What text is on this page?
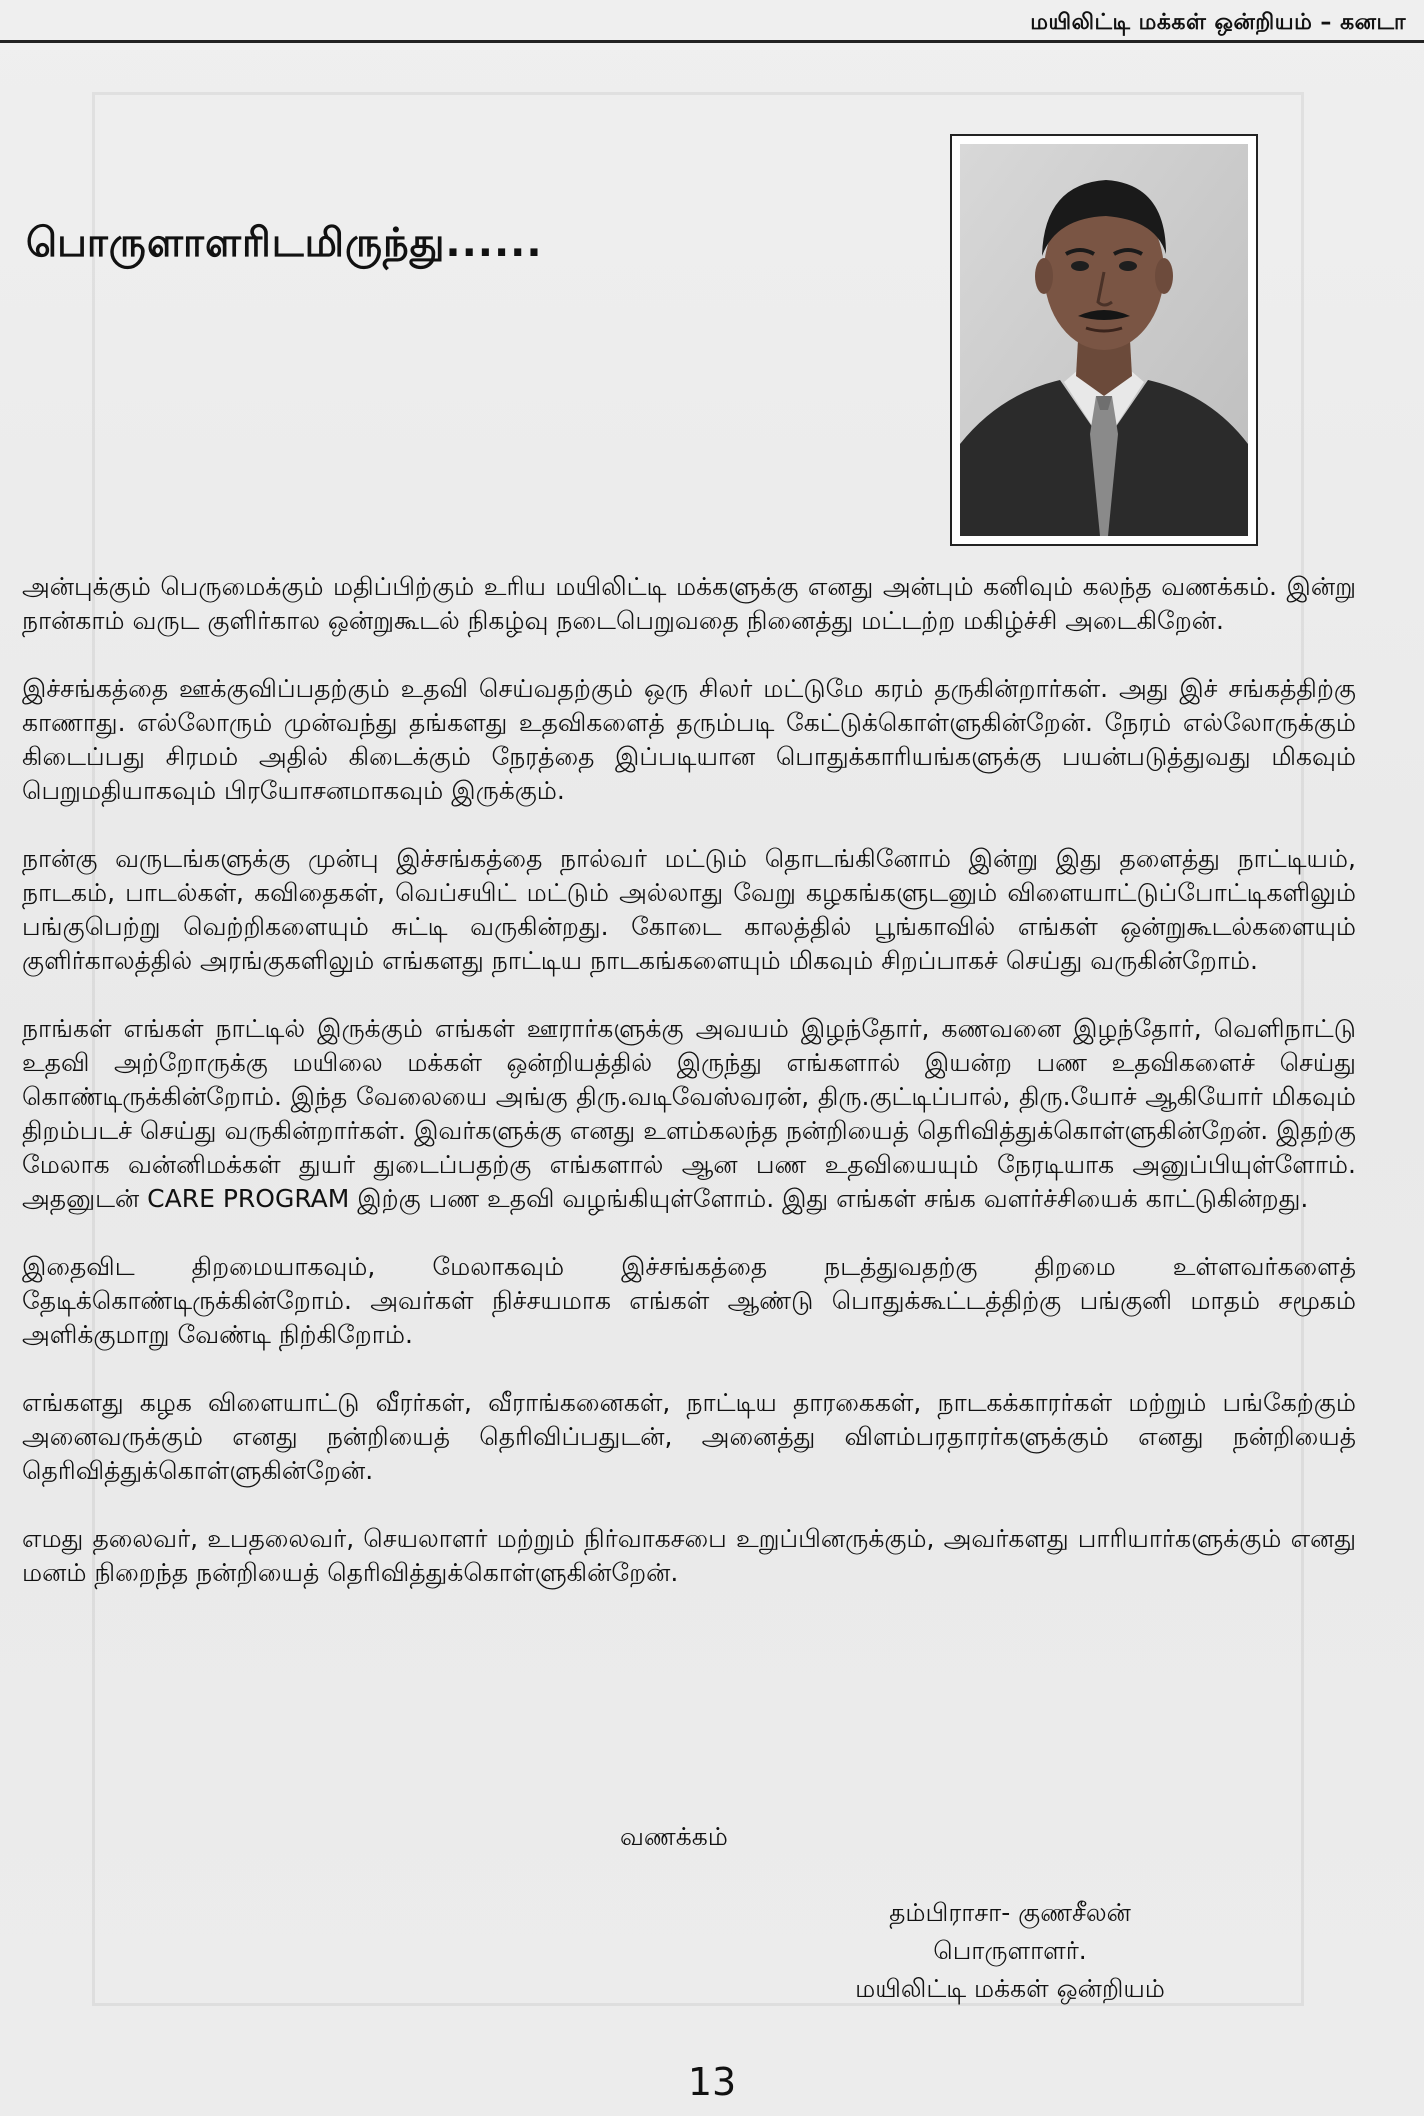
மயிலிட்டி மக்கள் ஒன்றியம் – கனடா
பொருளாளரிடமிருந்து......

அன்புக்கும் பெருமைக்கும் மதிப்பிற்கும் உரிய மயிலிட்டி மக்களுக்கு எனது அன்பும் கனிவும் கலந்த வணக்கம். இன்று நான்காம் வருட குளிர்கால ஒன்றுகூடல் நிகழ்வு நடைபெறுவதை நினைத்து மட்டற்ற மகிழ்ச்சி அடைகிறேன்.

இச்சங்கத்தை ஊக்குவிப்பதற்கும் உதவி செய்வதற்கும் ஒரு சிலர் மட்டுமே கரம் தருகின்றார்கள். அது இச் சங்கத்திற்கு காணாது. எல்லோரும் முன்வந்து தங்களது உதவிகளைத் தரும்படி கேட்டுக்கொள்ளுகின்றேன். நேரம் எல்லோருக்கும் கிடைப்பது சிரமம் அதில் கிடைக்கும் நேரத்தை இப்படியான பொதுக்காரியங்களுக்கு பயன்படுத்துவது மிகவும் பெறுமதியாகவும் பிரயோசனமாகவும் இருக்கும்.

நான்கு வருடங்களுக்கு முன்பு இச்சங்கத்தை நால்வர் மட்டும் தொடங்கினோம் இன்று இது தளைத்து நாட்டியம், நாடகம், பாடல்கள், கவிதைகள், வெப்சயிட் மட்டும் அல்லாது வேறு கழகங்களுடனும் விளையாட்டுப்போட்டிகளிலும் பங்குபெற்று வெற்றிகளையும் சுட்டி வருகின்றது. கோடை காலத்தில் பூங்காவில் எங்கள் ஒன்றுகூடல்களையும் குளிர்காலத்தில் அரங்குகளிலும் எங்களது நாட்டிய நாடகங்களையும் மிகவும் சிறப்பாகச் செய்து வருகின்றோம்.

நாங்கள் எங்கள் நாட்டில் இருக்கும் எங்கள் ஊரார்களுக்கு அவயம் இழந்தோர், கணவனை இழந்தோர், வெளிநாட்டு உதவி அற்றோருக்கு மயிலை மக்கள் ஒன்றியத்தில் இருந்து எங்களால் இயன்ற பண உதவிகளைச் செய்து கொண்டிருக்கின்றோம். இந்த வேலையை அங்கு திரு.வடிவேஸ்வரன், திரு.குட்டிப்பால், திரு.யோச் ஆகியோர் மிகவும் திறம்படச் செய்து வருகின்றார்கள். இவர்களுக்கு எனது உளம்கலந்த நன்றியைத் தெரிவித்துக்கொள்ளுகின்றேன். இதற்கு மேலாக வன்னிமக்கள் துயர் துடைப்பதற்கு எங்களால் ஆன பண உதவியையும் நேரடியாக அனுப்பியுள்ளோம். அதனுடன் CARE PROGRAM இற்கு பண உதவி வழங்கியுள்ளோம். இது எங்கள் சங்க வளர்ச்சியைக் காட்டுகின்றது.

இதைவிட திறமையாகவும், மேலாகவும் இச்சங்கத்தை நடத்துவதற்கு திறமை உள்ளவர்களைத் தேடிக்கொண்டிருக்கின்றோம். அவர்கள் நிச்சயமாக எங்கள் ஆண்டு பொதுக்கூட்டத்திற்கு பங்குனி மாதம் சமூகம் அளிக்குமாறு வேண்டி நிற்கிறோம்.

எங்களது கழக விளையாட்டு வீரர்கள், வீராங்கனைகள், நாட்டிய தாரகைகள், நாடகக்காரர்கள் மற்றும் பங்கேற்கும் அனைவருக்கும் எனது நன்றியைத் தெரிவிப்பதுடன், அனைத்து விளம்பரதாரர்களுக்கும் எனது நன்றியைத் தெரிவித்துக்கொள்ளுகின்றேன்.

எமது தலைவர், உபதலைவர், செயலாளர் மற்றும் நிர்வாகசபை உறுப்பினருக்கும், அவர்களது பாரியார்களுக்கும் எனது மனம் நிறைந்த நன்றியைத் தெரிவித்துக்கொள்ளுகின்றேன்.

வணக்கம்
தம்பிராசா- குணசீலன்
பொருளாளர்.
மயிலிட்டி மக்கள் ஒன்றியம்
13
